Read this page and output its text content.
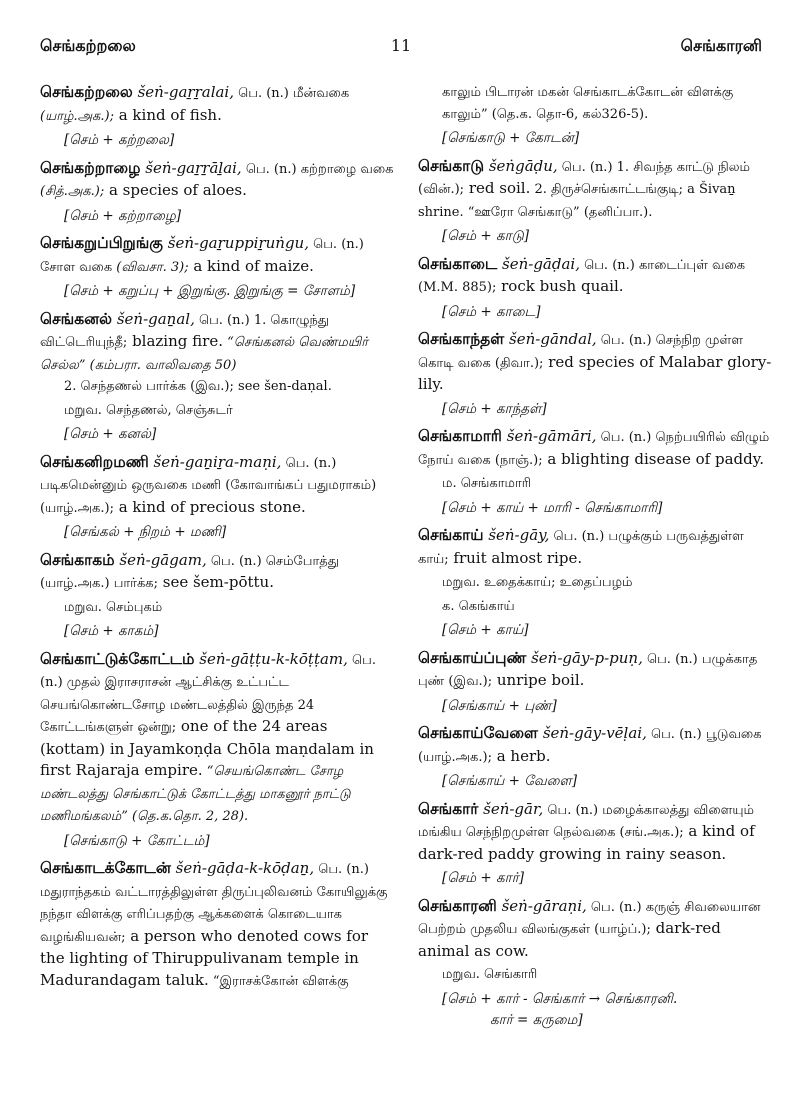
செங்கற்றலை	11	செங்காரனி
செங்கற்றலை šeṅ-gaṟṟalai, பெ. (n.) மீன்வகை (யாழ்.அக.); a kind of fish.
[செம் + கற்றலை]
செங்கற்றாழை šeṅ-gaṟṟāḻai, பெ. (n.) கற்றாழை வகை (சித்.அக.); a species of aloes.
[செம் + கற்றாழை]
செங்கறுப்பிறுங்கு šeṅ-gaṟuppiṟuṅgu, பெ. (n.) சோள வகை (விவசா. 3); a kind of maize.
[செம் + கறுப்பு + இறுங்கு. இறுங்கு = சோளம்]
செங்கனல் šeṅ-gaṉal, பெ. (n.) 1. கொழுந்து விட்டெரியுந்தீ; blazing fire. “செங்கனல் வெண்மயிர் செல்ல” (கம்பரா. வாலிவதை 50)
2. செந்தணல் பார்க்க (இவ.); see šen-daṇal.
மறுவ. செந்தணல், செஞ்சுடர்
[செம் + கனல்]
செங்கனிறமணி šeṅ-gaṉiṟa-maṇi, பெ. (n.) படிகமென்னும் ஒருவகை மணி (கோவாங்கப் பதுமராகம்) (யாழ்.அக.); a kind of precious stone.
[செங்கல் + நிறம் + மணி]
செங்காகம் šeṅ-gāgam, பெ. (n.) செம்போத்து (யாழ்.அக.) பார்க்க; see šem-pōttu.
மறுவ. செம்புகம்
[செம் + காகம்]
செங்காட்டுக்கோட்டம் šeṅ-gāṭṭu-k-kōṭṭam, பெ. (n.) முதல் இராசராசன் ஆட்சிக்கு உட்பட்ட செயங்கொண்டசோழ மண்டலத்தில் இருந்த 24 கோட்டங்களுள் ஒன்று; one of the 24 areas (kottam) in Jayamkoṇḍa Chōla maṇdalam in first Rajaraja empire. “செயங்கொண்ட சோழ மண்டலத்து செங்காட்டுக் கோட்டத்து மாகனூர் நாட்டு மணிமங்கலம்” (தெ.க.தொ. 2, 28).
[செங்காடு + கோட்டம்]
செங்காடக்கோடன் šeṅ-gāḍa-k-kōḍaṉ, பெ. (n.) மதுராந்தகம் வட்டாரத்திலுள்ள திருப்புலிவனம் கோயிலுக்கு நந்தா விளக்கு எரிப்பதற்கு ஆக்களைக் கொடையாக வழங்கியவன்; a person who denoted cows for the lighting of Thiruppulivanam temple in Madurandagam taluk. “இராசக்கோன் விளக்கு
காலும் பிடாரன் மகன் செங்காடக்கோடன் விளக்கு காலும்” (தெ.க. தொ-6, கல்326-5).
[செங்காடு + கோடன்]
செங்காடு šeṅgāḍu, பெ. (n.) 1. சிவந்த காட்டு நிலம் (வின்.); red soil. 2. திருச்செங்காட்டங்குடி; a Šivaṉ shrine. “ஊரோ செங்காடு” (தனிப்பா.).
[செம் + காடு]
செங்காடை šeṅ-gāḍai, பெ. (n.) காடைப்புள் வகை (M.M. 885); rock bush quail.
[செம் + காடை]
செங்காந்தள் šeṅ-gāndal, பெ. (n.) செந்நிற முள்ள கொடி வகை (திவா.); red species of Malabar glory-lily.
[செம் + காந்தள்]
செங்காமாரி šeṅ-gāmāri, பெ. (n.) நெற்பயிரில் விழும் நோய் வகை (நாஞ்.); a blighting disease of paddy.
ம. செங்காமாரி
[செம் + காய் + மாரி - செங்காமாரி]
செங்காய் šeṅ-gāy, பெ. (n.) பழுக்கும் பருவத்துள்ள காய்; fruit almost ripe.
மறுவ. உதைக்காய்; உதைப்பழம்
க. கெங்காய்
[செம் + காய்]
செங்காய்ப்புண் šeṅ-gāy-p-puṇ, பெ. (n.) பழுக்காத புண் (இவ.); unripe boil.
[செங்காய் + புண்]
செங்காய்வேளை šeṅ-gāy-vēḷai, பெ. (n.) பூடுவகை (யாழ்.அக.); a herb.
[செங்காய் + வேளை]
செங்கார் šeṅ-gār, பெ. (n.) மழைக்காலத்து விளையும் மங்கிய செந்நிறமுள்ள நெல்வகை (சங்.அக.); a kind of dark-red paddy growing in rainy season.
[செம் + கார்]
செங்காரனி šeṅ-gāraṇi, பெ. (n.) கருஞ் சிவலையான பெற்றம் முதலிய விலங்குகள் (யாழ்ப்.); dark-red animal as cow.
மறுவ. செங்காரி
[செம் + கார் - செங்கார் → செங்காரனி.
கார் = கருமை]
